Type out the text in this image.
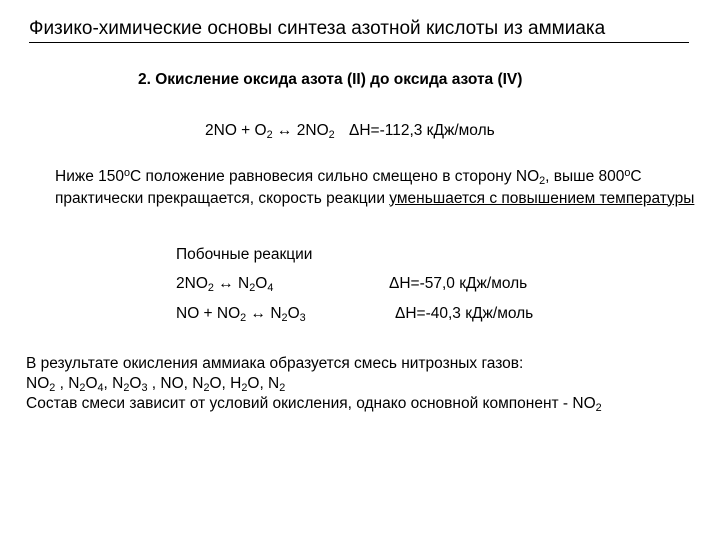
Физико-химические основы синтеза азотной кислоты из аммиака
2. Окисление оксида азота (II) до оксида азота (IV)
$2NO + O_2$ ↔ $2NO_2$ ΔH=-112,3 кДж/моль
Ниже 150$^o$С положение равновесия сильно смещено в сторону $NO_2$, выше 800$^o$С практически прекращается, скорость реакции уменьшается с повышением температуры
Побочные реакции
$2NO_2$ ↔ $N_2O_4$	ΔH=-57,0 кДж/моль
NO + $NO_2$ ↔ $N_2O_3$	ΔH=-40,3 кДж/моль
В результате окисления аммиака образуется смесь нитрозных газов:
$NO_2$ , $N_2O_4$, $N_2O_3$ , NO, $N_2O$, $H_2O$, $N_2$
Состав смеси зависит от условий окисления, однако основной компонент - $NO_2$
